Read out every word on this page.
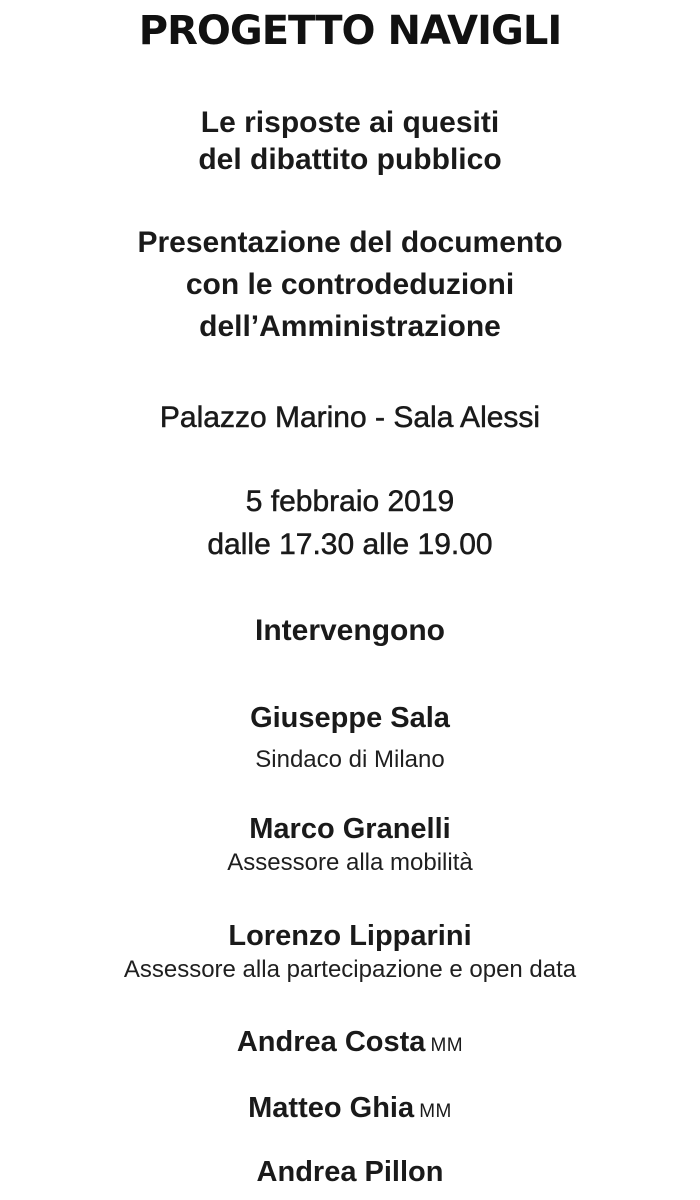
PROGETTO NAVIGLI
Le risposte ai quesiti
del dibattito pubblico
Presentazione del documento
con le controdeduzioni
dell’Amministrazione
Palazzo Marino - Sala Alessi
5 febbraio 2019
dalle 17.30 alle 19.00
Intervengono
Giuseppe Sala
Sindaco di Milano
Marco Granelli
Assessore alla mobilità
Lorenzo Lipparini
Assessore alla partecipazione e open data
Andrea Costa MM
Matteo Ghia MM
Andrea Pillon
